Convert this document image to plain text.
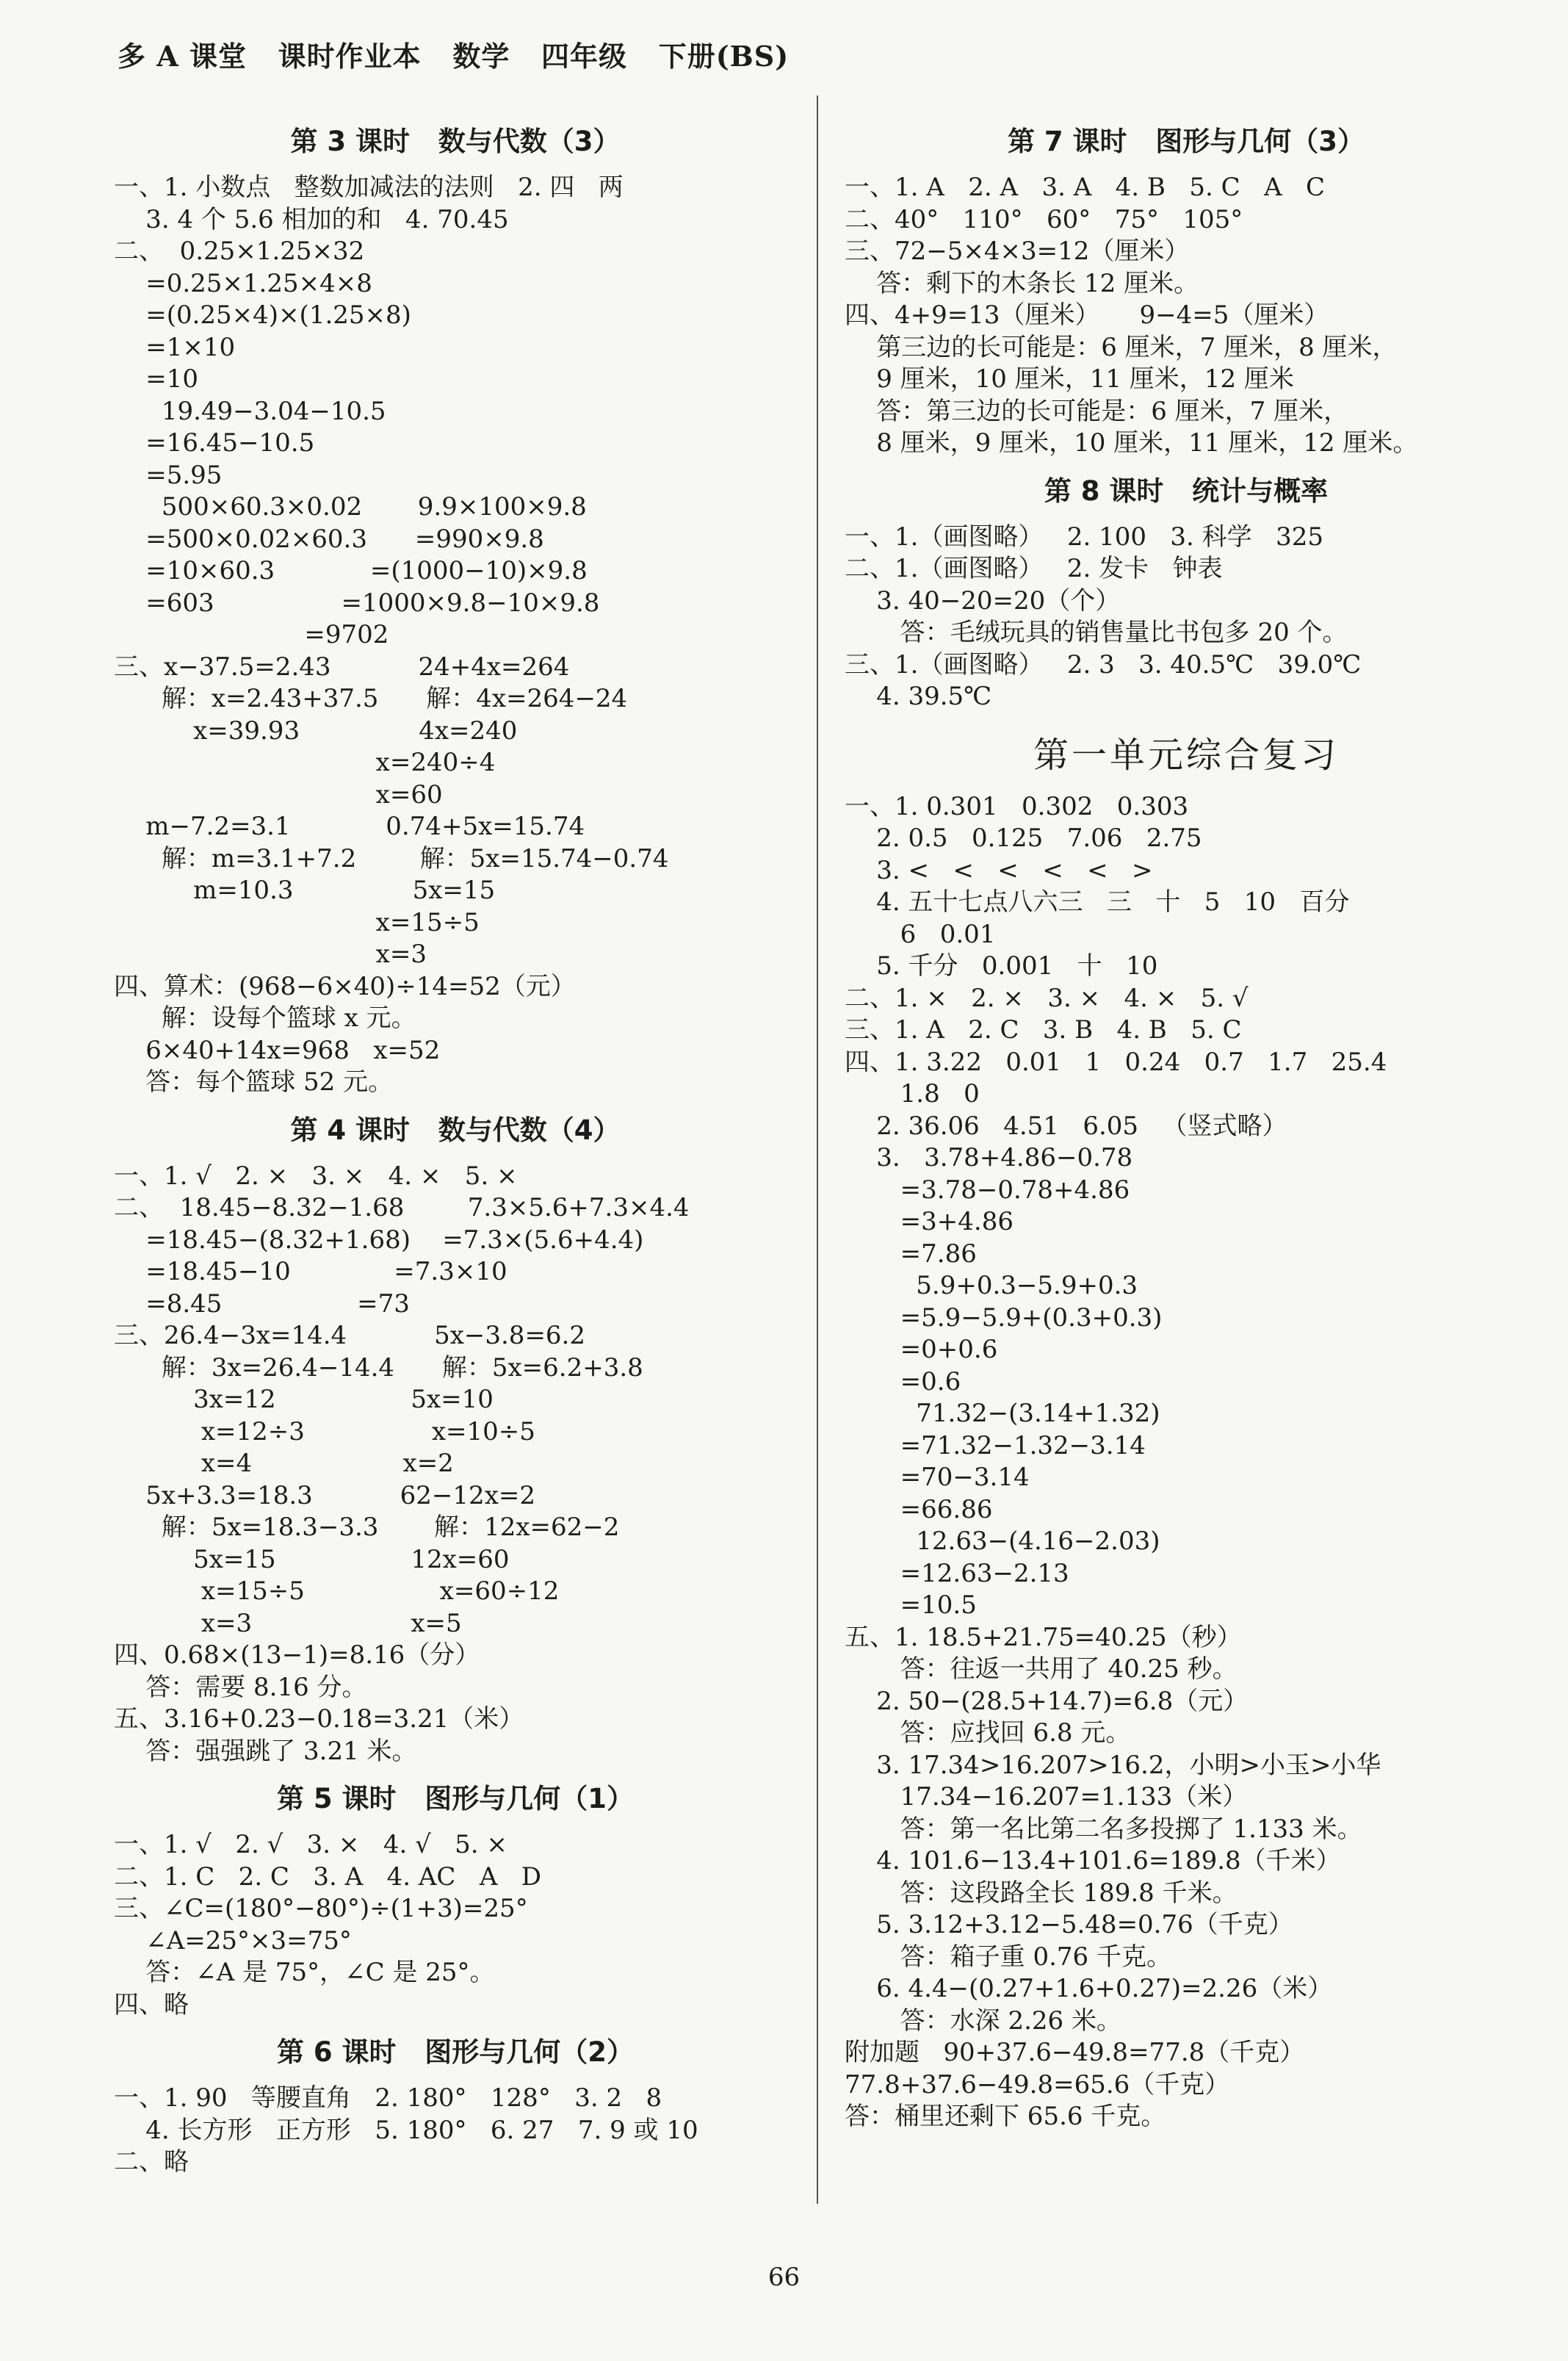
多 A 课堂   课时作业本   数学   四年级   下册(BS)
第 3 课时   数与代数（3）
一、1. 小数点   整数加减法的法则   2. 四   两
3. 4 个 5.6 相加的和   4. 70.45
二、  0.25×1.25×32
=0.25×1.25×4×8
=(0.25×4)×(1.25×8)
=1×10
=10
19.49−3.04−10.5
=16.45−10.5
=5.95
500×60.3×0.02       9.9×100×9.8
=500×0.02×60.3      =990×9.8
=10×60.3            =(1000−10)×9.8
=603                =1000×9.8−10×9.8
=9702
三、x−37.5=2.43           24+4x=264
解：x=2.43+37.5      解：4x=264−24
x=39.93               4x=240
x=240÷4
x=60
m−7.2=3.1            0.74+5x=15.74
解：m=3.1+7.2        解：5x=15.74−0.74
m=10.3               5x=15
x=15÷5
x=3
四、算术：(968−6×40)÷14=52（元）
解：设每个篮球 x 元。
6×40+14x=968   x=52
答：每个篮球 52 元。
第 4 课时   数与代数（4）
一、1. √   2. ×   3. ×   4. ×   5. ×
二、  18.45−8.32−1.68        7.3×5.6+7.3×4.4
=18.45−(8.32+1.68)    =7.3×(5.6+4.4)
=18.45−10             =7.3×10
=8.45                 =73
三、26.4−3x=14.4           5x−3.8=6.2
解：3x=26.4−14.4      解：5x=6.2+3.8
3x=12                 5x=10
x=12÷3                x=10÷5
x=4                   x=2
5x+3.3=18.3           62−12x=2
解：5x=18.3−3.3       解：12x=62−2
5x=15                 12x=60
x=15÷5                 x=60÷12
x=3                    x=5
四、0.68×(13−1)=8.16（分）
答：需要 8.16 分。
五、3.16+0.23−0.18=3.21（米）
答：强强跳了 3.21 米。
第 5 课时   图形与几何（1）
一、1. √   2. √   3. ×   4. √   5. ×
二、1. C   2. C   3. A   4. AC   A   D
三、∠C=(180°−80°)÷(1+3)=25°
∠A=25°×3=75°
答：∠A 是 75°，∠C 是 25°。
四、略
第 6 课时   图形与几何（2）
一、1. 90   等腰直角   2. 180°   128°   3. 2   8
4. 长方形   正方形   5. 180°   6. 27   7. 9 或 10
二、略
第 7 课时   图形与几何（3）
一、1. A   2. A   3. A   4. B   5. C   A   C
二、40°   110°   60°   75°   105°
三、72−5×4×3=12（厘米）
答：剩下的木条长 12 厘米。
四、4+9=13（厘米）     9−4=5（厘米）
第三边的长可能是：6 厘米，7 厘米，8 厘米，
9 厘米，10 厘米，11 厘米，12 厘米
答：第三边的长可能是：6 厘米，7 厘米，
8 厘米，9 厘米，10 厘米，11 厘米，12 厘米。
第 8 课时   统计与概率
一、1.（画图略）   2. 100   3. 科学   325
二、1.（画图略）   2. 发卡   钟表
3. 40−20=20（个）
答：毛绒玩具的销售量比书包多 20 个。
三、1.（画图略）   2. 3   3. 40.5℃   39.0℃
4. 39.5℃
第一单元综合复习
一、1. 0.301   0.302   0.303
2. 0.5   0.125   7.06   2.75
3. <   <   <   <   <   >
4. 五十七点八六三   三   十   5   10   百分
6   0.01
5. 千分   0.001   十   10
二、1. ×   2. ×   3. ×   4. ×   5. √
三、1. A   2. C   3. B   4. B   5. C
四、1. 3.22   0.01   1   0.24   0.7   1.7   25.4
1.8   0
2. 36.06   4.51   6.05   （竖式略）
3.   3.78+4.86−0.78
=3.78−0.78+4.86
=3+4.86
=7.86
5.9+0.3−5.9+0.3
=5.9−5.9+(0.3+0.3)
=0+0.6
=0.6
71.32−(3.14+1.32)
=71.32−1.32−3.14
=70−3.14
=66.86
12.63−(4.16−2.03)
=12.63−2.13
=10.5
五、1. 18.5+21.75=40.25（秒）
答：往返一共用了 40.25 秒。
2. 50−(28.5+14.7)=6.8（元）
答：应找回 6.8 元。
3. 17.34>16.207>16.2，小明>小玉>小华
17.34−16.207=1.133（米）
答：第一名比第二名多投掷了 1.133 米。
4. 101.6−13.4+101.6=189.8（千米）
答：这段路全长 189.8 千米。
5. 3.12+3.12−5.48=0.76（千克）
答：箱子重 0.76 千克。
6. 4.4−(0.27+1.6+0.27)=2.26（米）
答：水深 2.26 米。
附加题   90+37.6−49.8=77.8（千克）
77.8+37.6−49.8=65.6（千克）
答：桶里还剩下 65.6 千克。
66
